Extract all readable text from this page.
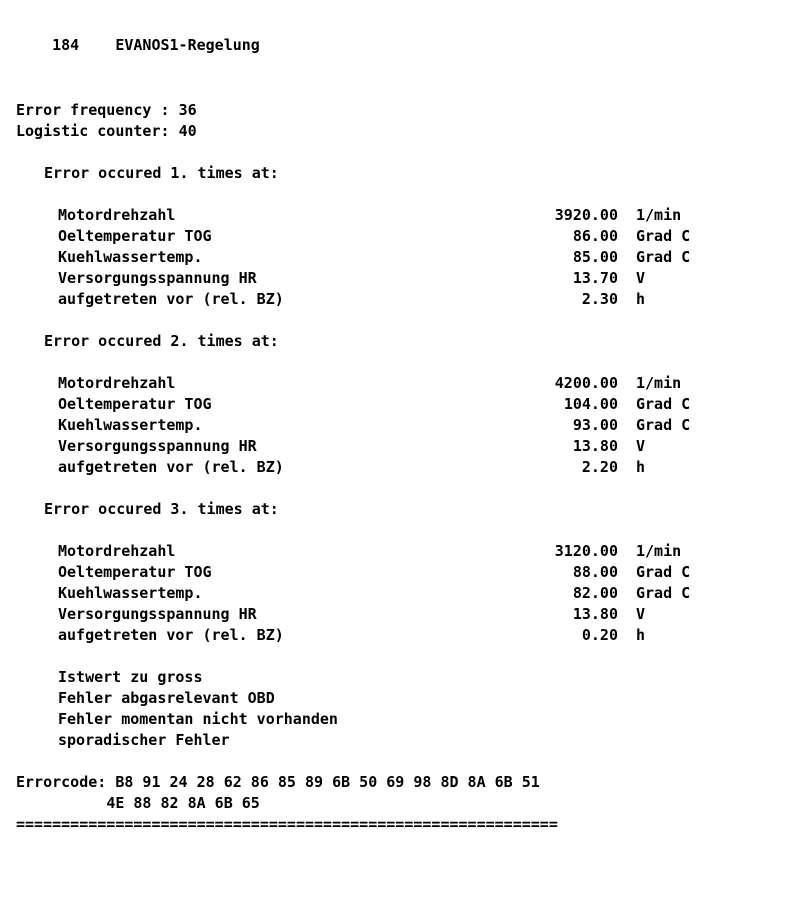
184 EVANOS1-Regelung

Error frequency : 36
Logistic counter: 40
Error occured 1. times at:
Motordrehzahl	3920.00	1/min
Oeltemperatur TOG	86.00	Grad C
Kuehlwassertemp.	85.00	Grad C
Versorgungsspannung HR	13.70	V
aufgetreten vor (rel. BZ)	2.30	h
Error occured 2. times at:
Motordrehzahl	4200.00	1/min
Oeltemperatur TOG	104.00	Grad C
Kuehlwassertemp.	93.00	Grad C
Versorgungsspannung HR	13.80	V
aufgetreten vor (rel. BZ)	2.20	h
Error occured 3. times at:
Motordrehzahl	3120.00	1/min
Oeltemperatur TOG	88.00	Grad C
Kuehlwassertemp.	82.00	Grad C
Versorgungsspannung HR	13.80	V
aufgetreten vor (rel. BZ)	0.20	h
Istwert zu gross
Fehler abgasrelevant OBD
Fehler momentan nicht vorhanden
sporadischer Fehler
Errorcode: B8 91 24 28 62 86 85 89 6B 50 69 98 8D 8A 6B 51
4E 88 82 8A 6B 65
============================================================
